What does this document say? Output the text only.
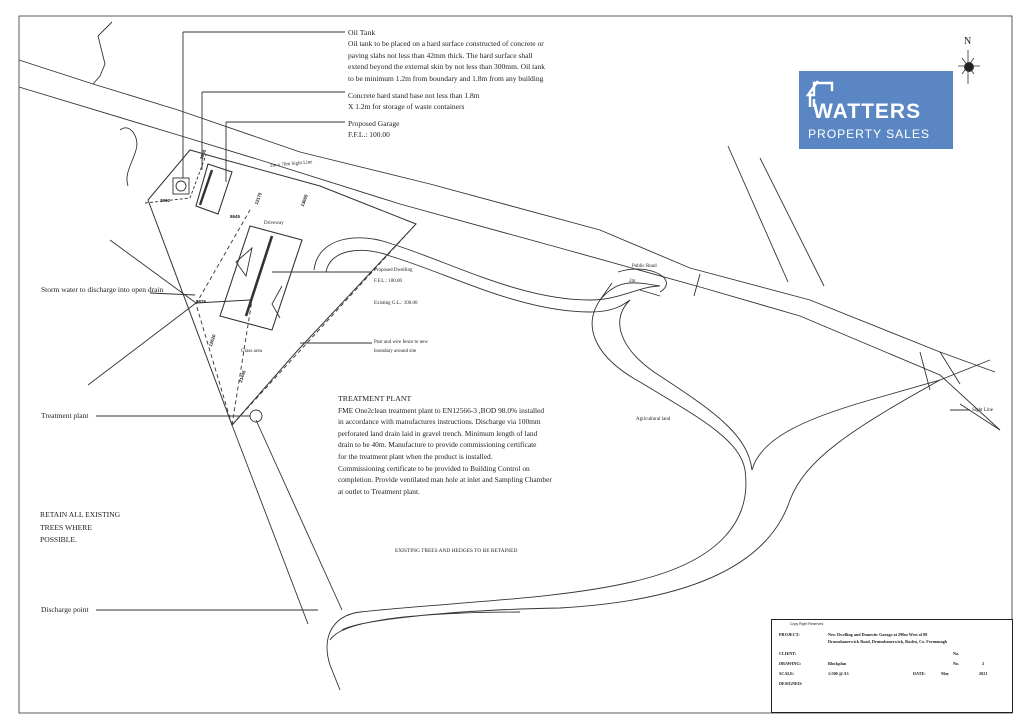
N
WATTERS
PROPERTY SALES

Oil Tank

Oil tank to be placed on a hard surface constructed of concrete or

paving slabs not less than 42mm thick. The hard surface shall

extend beyond the external skin by not less than 300mm. Oil tank

to be minimum 1.2m from boundary and 1.8m from any building

Concrete hard stand base not less than 1.8m

X 1.2m for storage of waste containers

Proposed Garage

F.F.L.: 100.00

TREATMENT PLANT

FME One2clean treatment plant to EN12566-3 ,BOD 98.0% installed

in accordance with manufactures instructions. Discharge via 100mm

perforated land drain laid in gravel trench. Minimum length of land

drain to be 40m. Manufacture to provide commissioning certificate

for the treatment plant when the product is installed.

Commissioning certificate to be provided to Building Control on

completion. Provide ventilated man hole at inlet and Sampling Chamber

at outlet to Treatment plant.

RETAIN ALL EXISTING

TREES WHERE

POSSIBLE.

Storm water to discharge into open drain
Treatment plant
Discharge point
2m x 70m Sight Line
Driveway
Proposed Dwelling
F.F.L.: 100.00
Existing G.L.: 100.00
Post and wire fence to new
boundary around site
Grass area
Public Road
2m
Sight Line
Agricultural land
EXISTING TREES AND HEDGES TO BE RETAINED
3902
3955
8645
12175	13665
8876
12620
21445
Copy Right Reserved
PROJECT:	New Dwelling and Domestic Garage at 290m West of 88
Drumshanerwick Road, Drumshanerwick, Roslea, Co. Fermanagh
CLIENT:	No.
DRAWING:	Blockplan	No.	2
SCALE:	1:500 @ A3	DATE:	May	2021
DESIGNED:
